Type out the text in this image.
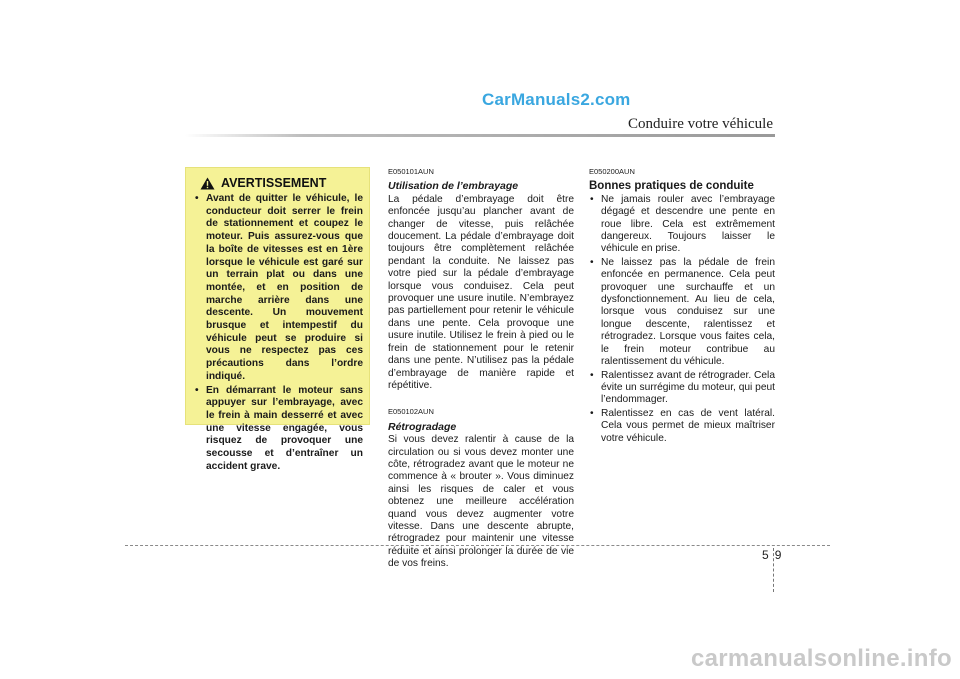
CarManuals2.com
Conduire votre véhicule
AVERTISSEMENT
• Avant de quitter le véhicule, le conducteur doit serrer le frein de stationnement et coupez le moteur. Puis assurez-vous que la boîte de vitesses est en 1ère lorsque le véhicule est garé sur un terrain plat ou dans une montée, et en position de marche arrière dans une descente. Un mouvement brusque et intempestif du véhicule peut se produire si vous ne respectez pas ces précautions dans l’ordre indiqué.
• En démarrant le moteur sans appuyer sur l’embrayage, avec le frein à main desserré et avec une vitesse engagée, vous risquez de provoquer une secousse et d’entraîner un accident grave.

E050101AUN

Utilisation de l’embrayage

La pédale d’embrayage doit être enfoncée jusqu’au plancher avant de changer de vitesse, puis relâchée doucement. La pédale d’embrayage doit toujours être complètement relâchée pendant la conduite. Ne laissez pas votre pied sur la pédale d’embrayage lorsque vous conduisez. Cela peut provoquer une usure inutile. N’embrayez pas partiellement pour retenir le véhicule dans une pente. Cela provoque une usure inutile. Utilisez le frein à pied ou le frein de stationnement pour le retenir dans une pente. N’utilisez pas la pédale d’embrayage de manière rapide et répétitive.

E050102AUN

Rétrogradage

Si vous devez ralentir à cause de la circulation ou si vous devez monter une côte, rétrogradez avant que le moteur ne commence à « brouter ». Vous diminuez ainsi les risques de caler et vous obtenez une meilleure accélération quand vous devez augmenter votre vitesse. Dans une descente abrupte, rétrogradez pour maintenir une vitesse réduite et ainsi prolonger la durée de vie de vos freins.

E050200AUN

Bonnes pratiques de conduite

• Ne jamais rouler avec l’embrayage dégagé et descendre une pente en roue libre. Cela est extrêmement dangereux. Toujours laisser le véhicule en prise.
• Ne laissez pas la pédale de frein enfoncée en permanence. Cela peut provoquer une surchauffe et un dysfonctionnement. Au lieu de cela, lorsque vous conduisez sur une longue descente, ralentissez et rétrogradez. Lorsque vous faites cela, le frein moteur contribue au ralentissement du véhicule.
• Ralentissez avant de rétrograder. Cela évite un surrégime du moteur, qui peut l’endommager.
• Ralentissez en cas de vent latéral. Cela vous permet de mieux maîtriser votre véhicule.
5 9
carmanualsonline.info
